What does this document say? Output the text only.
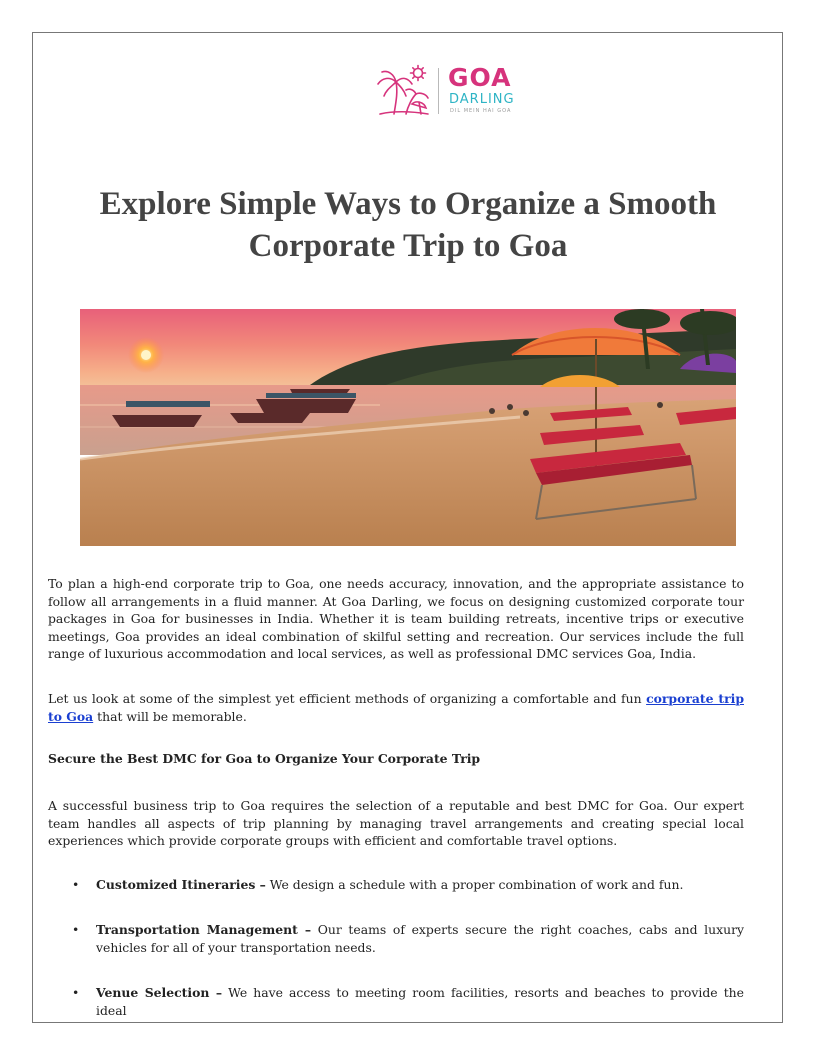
GOA
DARLING
DIL MEIN HAI GOA
Explore Simple Ways to Organize a Smooth Corporate Trip to Goa

To plan a high-end corporate trip to Goa, one needs accuracy, innovation, and the appropriate assistance to follow all arrangements in a fluid manner. At Goa Darling, we focus on designing customized corporate tour packages in Goa for businesses in India. Whether it is team building retreats, incentive trips or executive meetings, Goa provides an ideal combination of skilful setting and recreation. Our services include the full range of luxurious accommodation and local services, as well as professional DMC services Goa, India.

Let us look at some of the simplest yet efficient methods of organizing a comfortable and fun corporate trip to Goa that will be memorable.

Secure the Best DMC for Goa to Organize Your Corporate Trip

A successful business trip to Goa requires the selection of a reputable and best DMC for Goa. Our expert team handles all aspects of trip planning by managing travel arrangements and creating special local experiences which provide corporate groups with efficient and comfortable travel options.

• Customized Itineraries – We design a schedule with a proper combination of work and fun.
• Transportation Management – Our teams of experts secure the right coaches, cabs and luxury vehicles for all of your transportation needs.
• Venue Selection – We have access to meeting room facilities, resorts and beaches to provide the ideal
